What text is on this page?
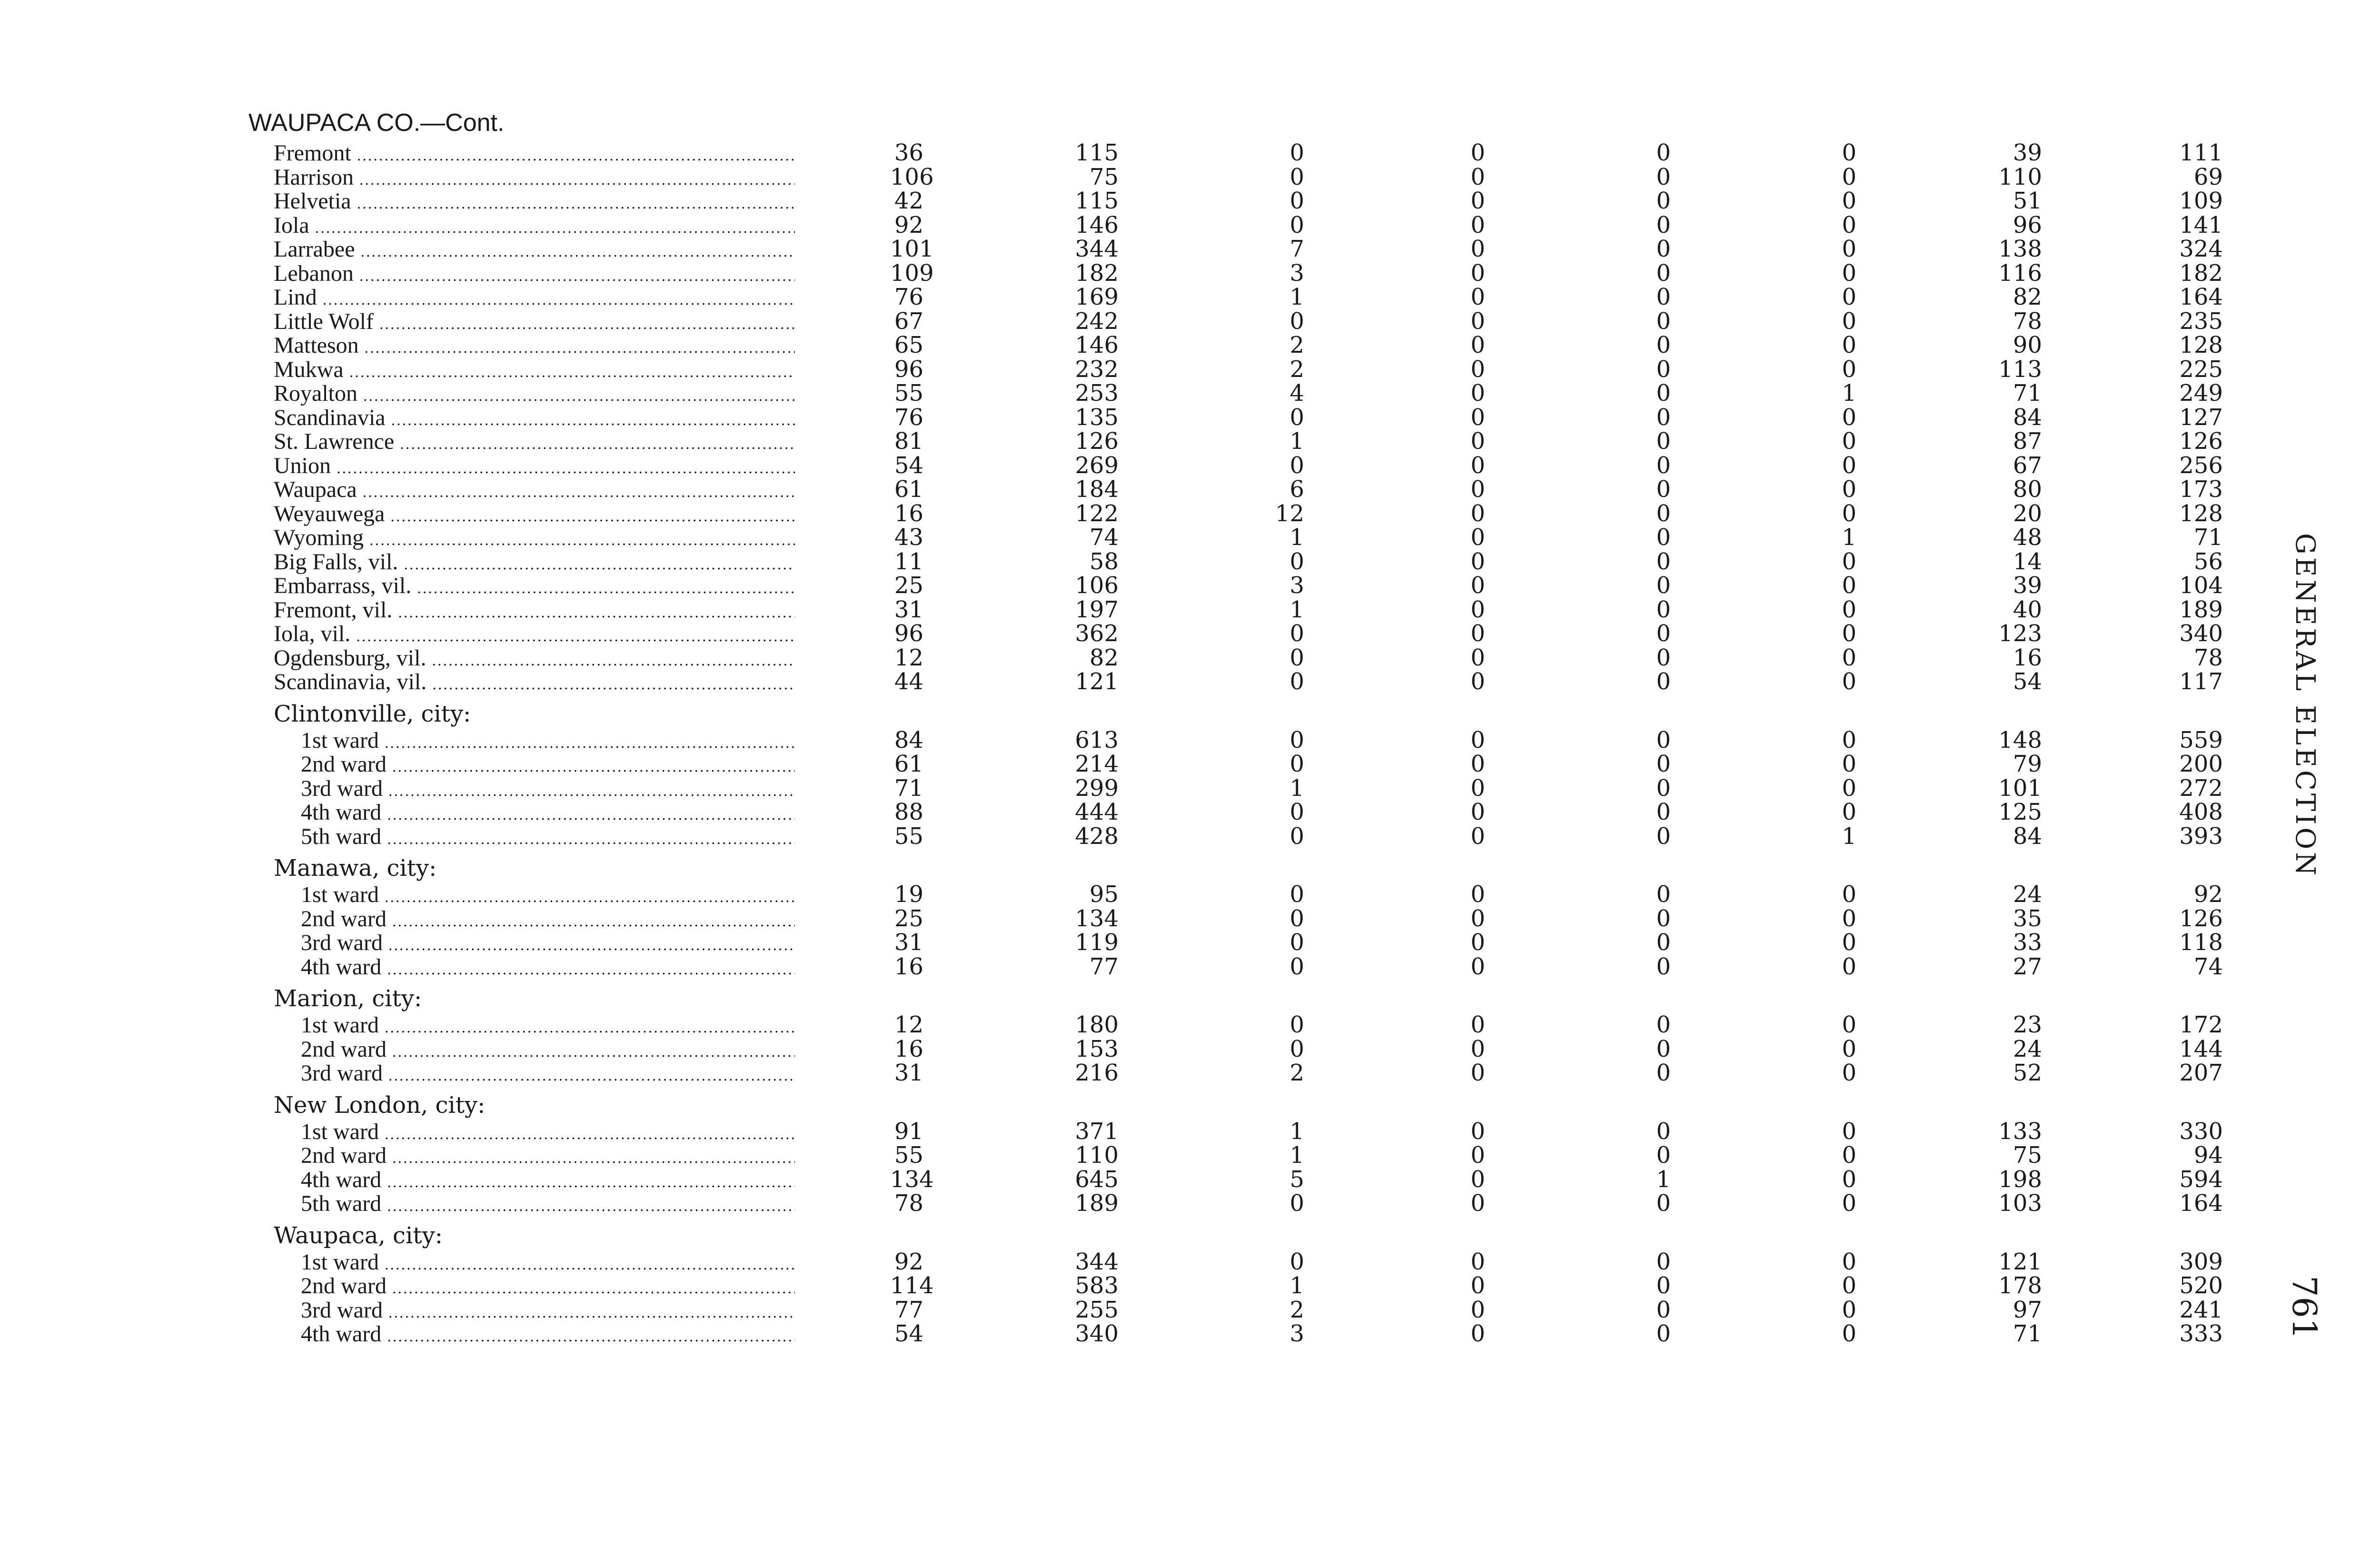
WAUPACA CO.—Cont.
Fremont .....	36	115	0	0	0	0	39	111
Harrison .....	106	75	0	0	0	0	110	69
Helvetia .....	42	115	0	0	0	0	51	109
Iola .....	92	146	0	0	0	0	96	141
Larrabee .....	101	344	7	0	0	0	138	324
Lebanon .....	109	182	3	0	0	0	116	182
Lind .....	76	169	1	0	0	0	82	164
Little Wolf .....	67	242	0	0	0	0	78	235
Matteson .....	65	146	2	0	0	0	90	128
Mukwa .....	96	232	2	0	0	0	113	225
Royalton .....	55	253	4	0	0	1	71	249
Scandinavia .....	76	135	0	0	0	0	84	127
St. Lawrence .....	81	126	1	0	0	0	87	126
Union .....	54	269	0	0	0	0	67	256
Waupaca .....	61	184	6	0	0	0	80	173
Weyauwega .....	16	122	12	0	0	0	20	128
Wyoming .....	43	74	1	0	0	1	48	71
Big Falls, vil. .....	11	58	0	0	0	0	14	56
Embarrass, vil. .....	25	106	3	0	0	0	39	104
Fremont, vil. .....	31	197	1	0	0	0	40	189
Iola, vil. .....	96	362	0	0	0	0	123	340
Ogdensburg, vil. .....	12	82	0	0	0	0	16	78
Scandinavia, vil. .....	44	121	0	0	0	0	54	117
Clintonville, city:
1st ward .....	84	613	0	0	0	0	148	559
2nd ward .....	61	214	0	0	0	0	79	200
3rd ward .....	71	299	1	0	0	0	101	272
4th ward .....	88	444	0	0	0	0	125	408
5th ward .....	55	428	0	0	0	1	84	393
Manawa, city:
1st ward .....	19	95	0	0	0	0	24	92
2nd ward .....	25	134	0	0	0	0	35	126
3rd ward .....	31	119	0	0	0	0	33	118
4th ward .....	16	77	0	0	0	0	27	74
Marion, city:
1st ward .....	12	180	0	0	0	0	23	172
2nd ward .....	16	153	0	0	0	0	24	144
3rd ward .....	31	216	2	0	0	0	52	207
New London, city:
1st ward .....	91	371	1	0	0	0	133	330
2nd ward .....	55	110	1	0	0	0	75	94
4th ward .....	134	645	5	0	1	0	198	594
5th ward .....	78	189	0	0	0	0	103	164
Waupaca, city:
1st ward .....	92	344	0	0	0	0	121	309
2nd ward .....	114	583	1	0	0	0	178	520
3rd ward .....	77	255	2	0	0	0	97	241
4th ward .....	54	340	3	0	0	0	71	333
GENERAL ELECTION
761
